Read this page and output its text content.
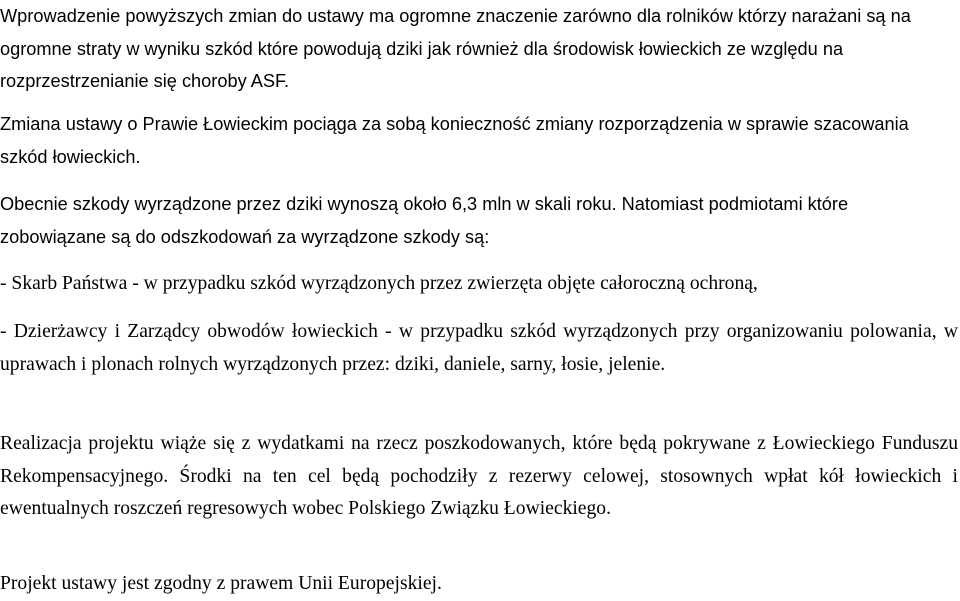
Wprowadzenie powyższych zmian do ustawy ma ogromne znaczenie zarówno dla rolników którzy narażani są na ogromne straty w wyniku szkód które powodują dziki jak również dla środowisk łowieckich ze względu na rozprzestrzenianie się choroby ASF.

Zmiana ustawy o Prawie Łowieckim pociąga za sobą konieczność zmiany rozporządzenia w sprawie szacowania szkód łowieckich.

Obecnie szkody wyrządzone przez dziki wynoszą około 6,3 mln w skali roku. Natomiast podmiotami które zobowiązane są do odszkodowań za wyrządzone szkody są:

- Skarb Państwa - w przypadku szkód wyrządzonych przez zwierzęta objęte całoroczną ochroną,

- Dzierżawcy i Zarządcy obwodów łowieckich - w przypadku szkód wyrządzonych przy organizowaniu polowania, w uprawach i plonach rolnych wyrządzonych przez: dziki, daniele, sarny, łosie, jelenie.

Realizacja projektu wiąże się z wydatkami na rzecz poszkodowanych, które będą pokrywane z Łowieckiego Funduszu Rekompensacyjnego. Środki na ten cel będą pochodziły z rezerwy celowej, stosownych wpłat kół łowieckich i ewentualnych roszczeń regresowych wobec Polskiego Związku Łowieckiego.

Projekt ustawy jest zgodny z prawem Unii Europejskiej.
